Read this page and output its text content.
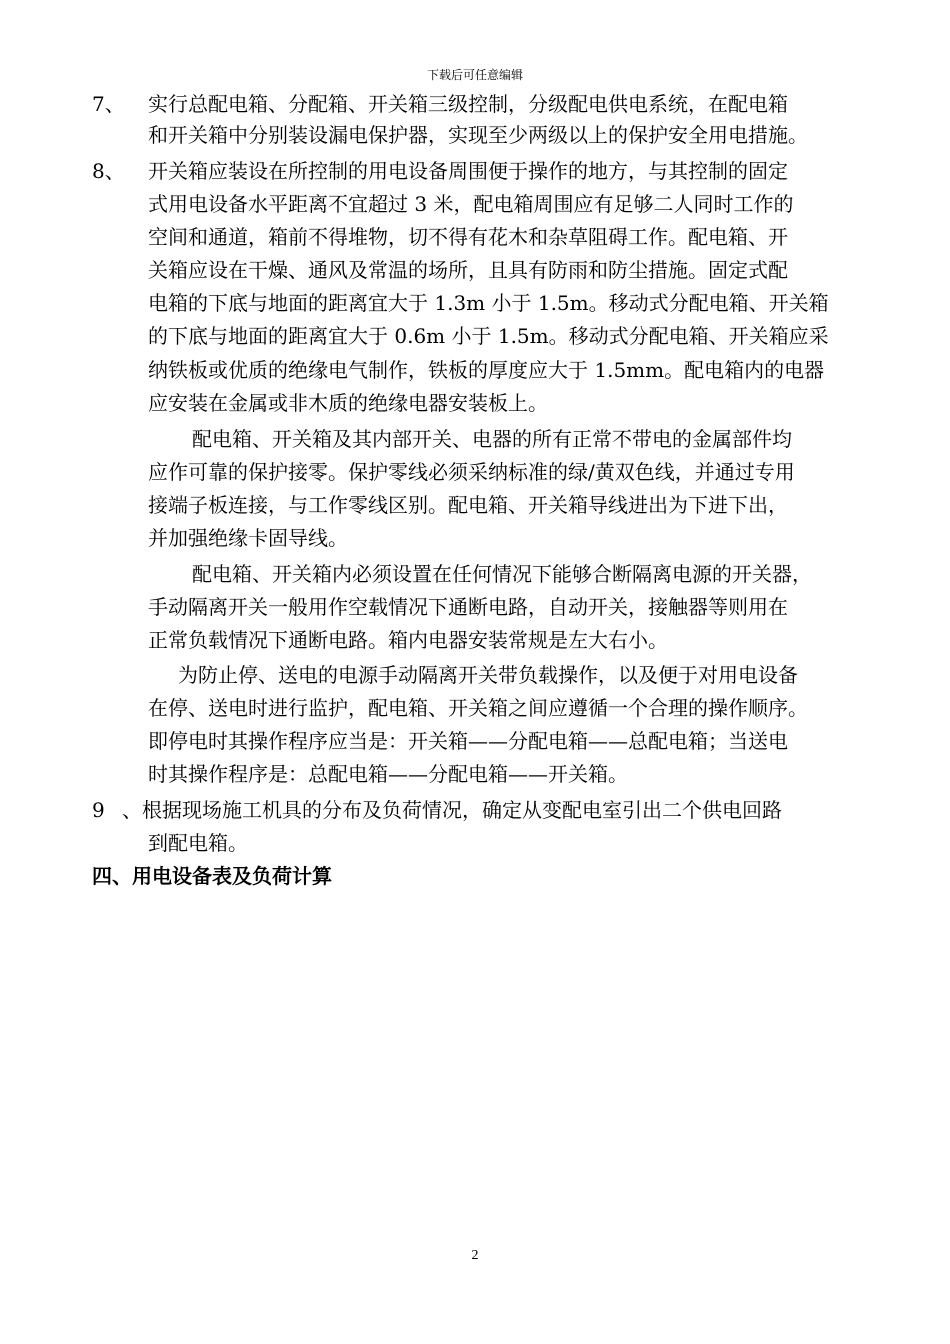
下载后可任意编辑
7、 实行总配电箱、分配箱、开关箱三级控制，分级配电供电系统，在配电箱
和开关箱中分别装设漏电保护器，实现至少两级以上的保护安全用电措施。
8、 开关箱应装设在所控制的用电设备周围便于操作的地方，与其控制的固定
式用电设备水平距离不宜超过 3 米，配电箱周围应有足够二人同时工作的
空间和通道，箱前不得堆物，切不得有花木和杂草阻碍工作。配电箱、开
关箱应设在干燥、通风及常温的场所，且具有防雨和防尘措施。固定式配
电箱的下底与地面的距离宜大于 1.3m 小于 1.5m。移动式分配电箱、开关箱
的下底与地面的距离宜大于 0.6m 小于 1.5m。移动式分配电箱、开关箱应采
纳铁板或优质的绝缘电气制作，铁板的厚度应大于 1.5mm。配电箱内的电器
应安装在金属或非木质的绝缘电器安装板上。
配电箱、开关箱及其内部开关、电器的所有正常不带电的金属部件均
应作可靠的保护接零。保护零线必须采纳标准的绿/黄双色线，并通过专用
接端子板连接，与工作零线区别。配电箱、开关箱导线进出为下进下出，
并加强绝缘卡固导线。
配电箱、开关箱内必须设置在任何情况下能够合断隔离电源的开关器，
手动隔离开关一般用作空载情况下通断电路，自动开关，接触器等则用在
正常负载情况下通断电路。箱内电器安装常规是左大右小。
为防止停、送电的电源手动隔离开关带负载操作，以及便于对用电设备
在停、送电时进行监护，配电箱、开关箱之间应遵循一个合理的操作顺序。
即停电时其操作程序应当是：开关箱——分配电箱——总配电箱；当送电
时其操作程序是：总配电箱——分配电箱——开关箱。
9 、根据现场施工机具的分布及负荷情况，确定从变配电室引出二个供电回路
到配电箱。
四、用电设备表及负荷计算
2
